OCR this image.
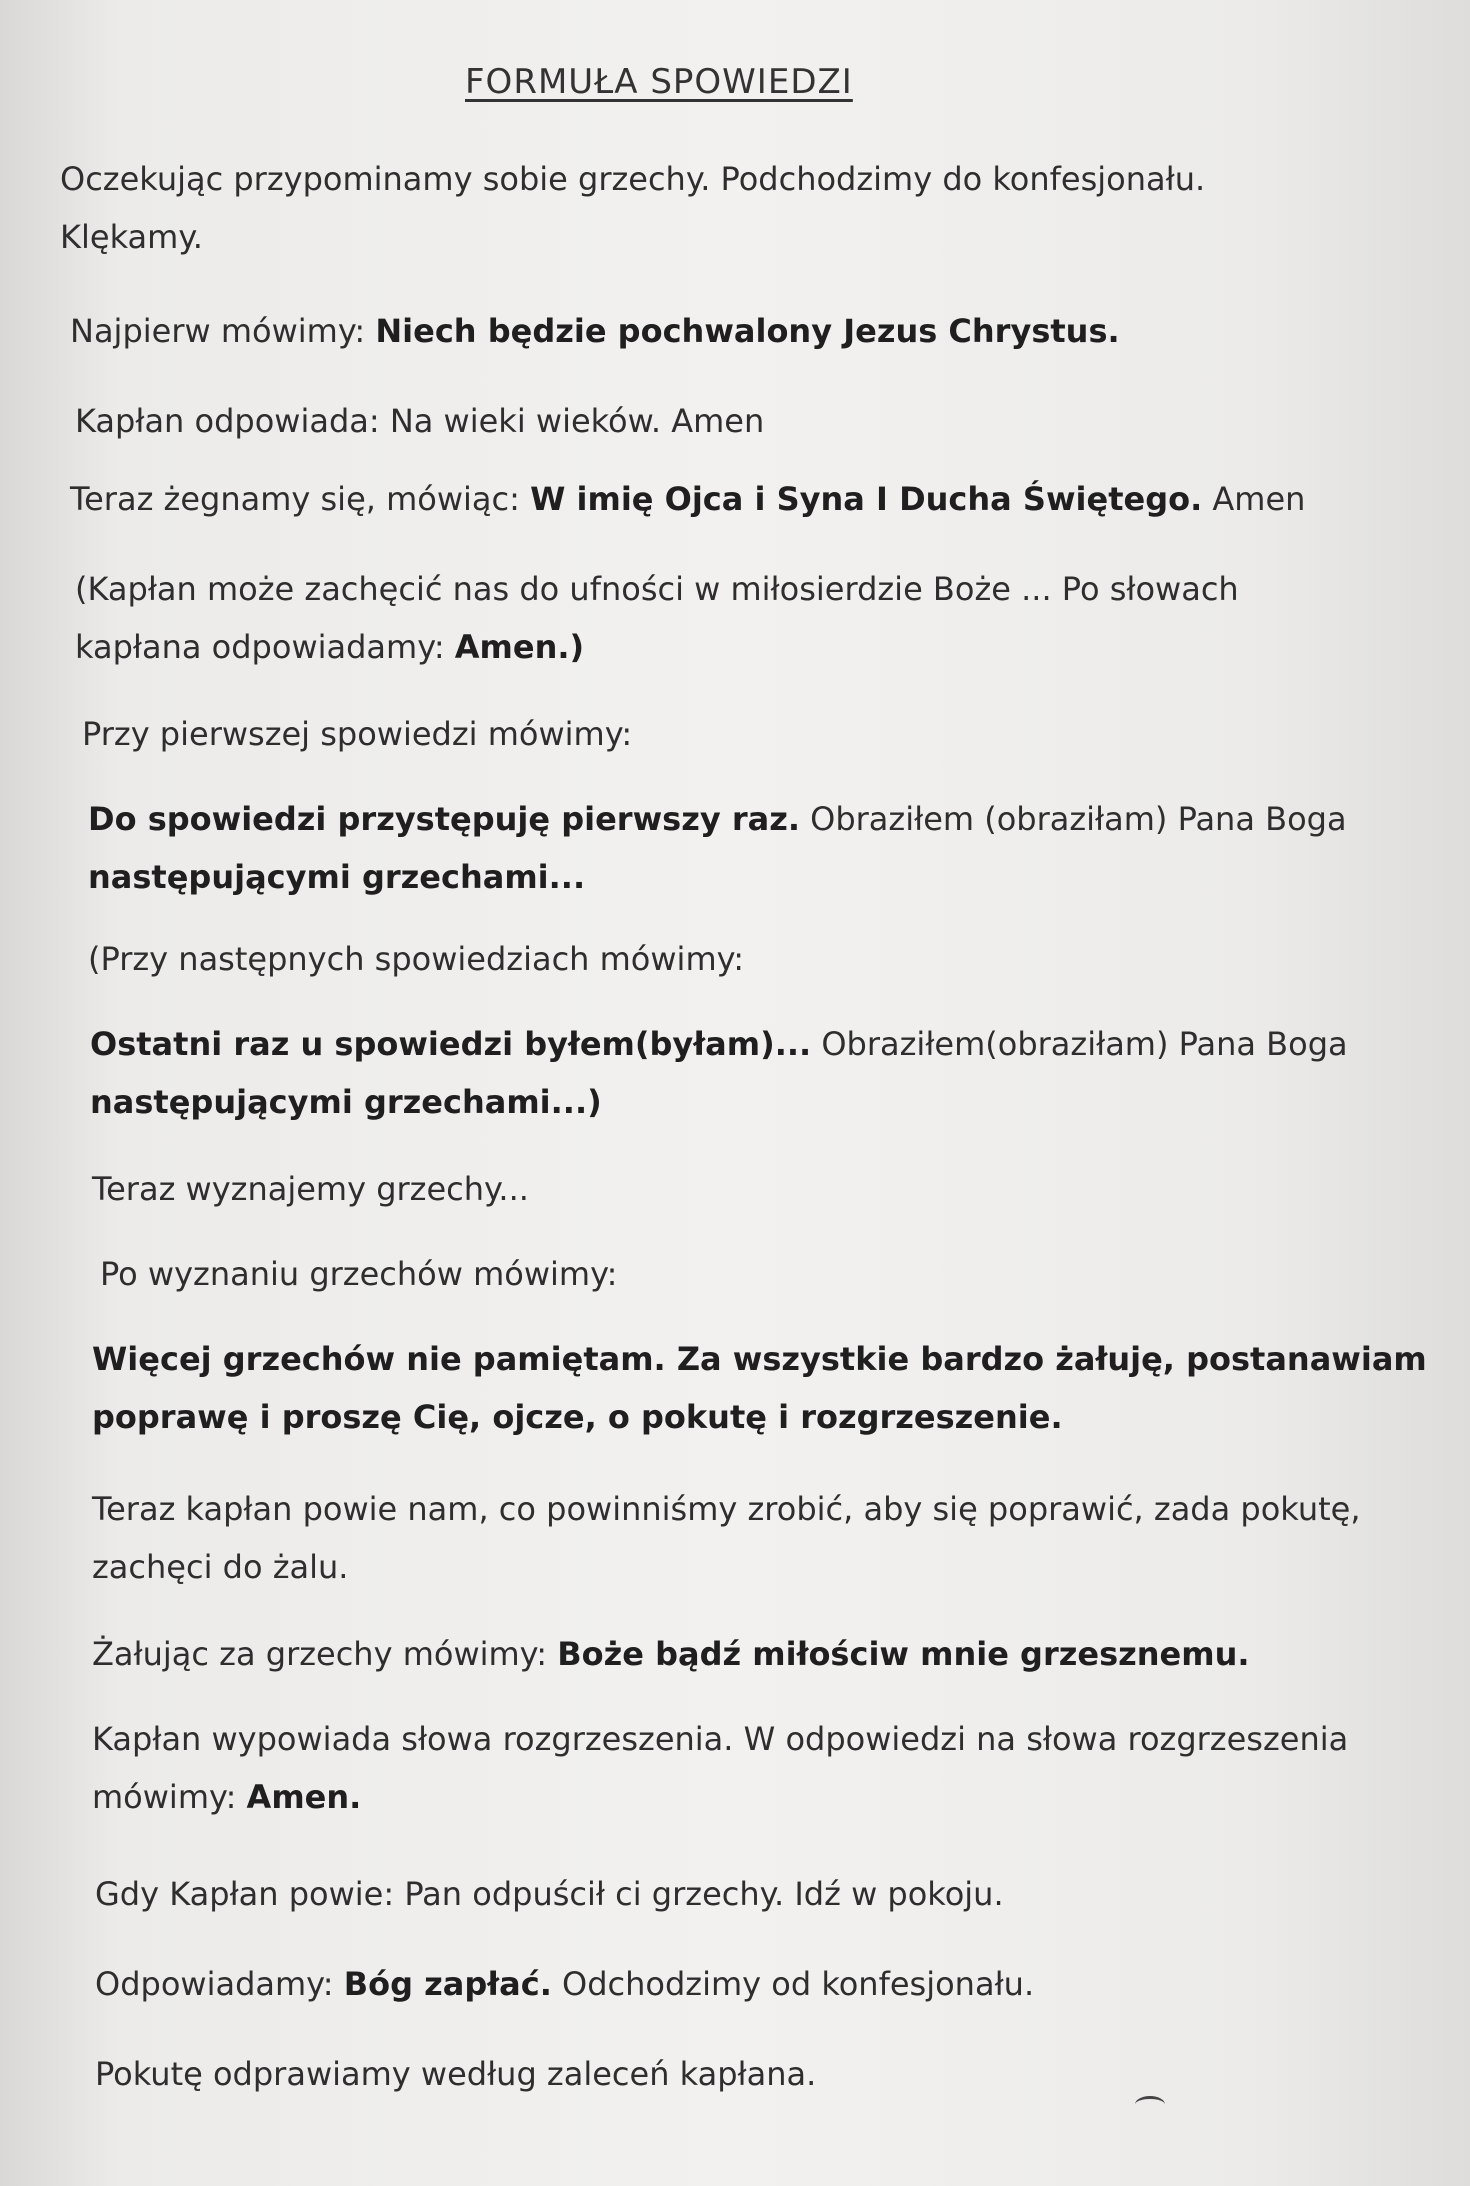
FORMUŁA SPOWIEDZI
Oczekując przypominamy sobie grzechy. Podchodzimy do konfesjonału.
Klękamy.
Najpierw mówimy: Niech będzie pochwalony Jezus Chrystus.
Kapłan odpowiada: Na wieki wieków. Amen
Teraz żegnamy się, mówiąc: W imię Ojca i Syna I Ducha Świętego. Amen
(Kapłan może zachęcić nas do ufności w miłosierdzie Boże ... Po słowach
kapłana odpowiadamy: Amen.)
Przy pierwszej spowiedzi mówimy:
Do spowiedzi przystępuję pierwszy raz. Obraziłem (obraziłam) Pana Boga
następującymi grzechami...
(Przy następnych spowiedziach mówimy:
Ostatni raz u spowiedzi byłem(byłam)... Obraziłem(obraziłam) Pana Boga
następującymi grzechami...)
Teraz wyznajemy grzechy...
Po wyznaniu grzechów mówimy:
Więcej grzechów nie pamiętam. Za wszystkie bardzo żałuję, postanawiam
poprawę i proszę Cię, ojcze, o pokutę i rozgrzeszenie.
Teraz kapłan powie nam, co powinniśmy zrobić, aby się poprawić, zada pokutę,
zachęci do żalu.
Żałując za grzechy mówimy: Boże bądź miłościw mnie grzesznemu.
Kapłan wypowiada słowa rozgrzeszenia. W odpowiedzi na słowa rozgrzeszenia
mówimy: Amen.
Gdy Kapłan powie: Pan odpuścił ci grzechy. Idź w pokoju.
Odpowiadamy: Bóg zapłać. Odchodzimy od konfesjonału.
Pokutę odprawiamy według zaleceń kapłana.
